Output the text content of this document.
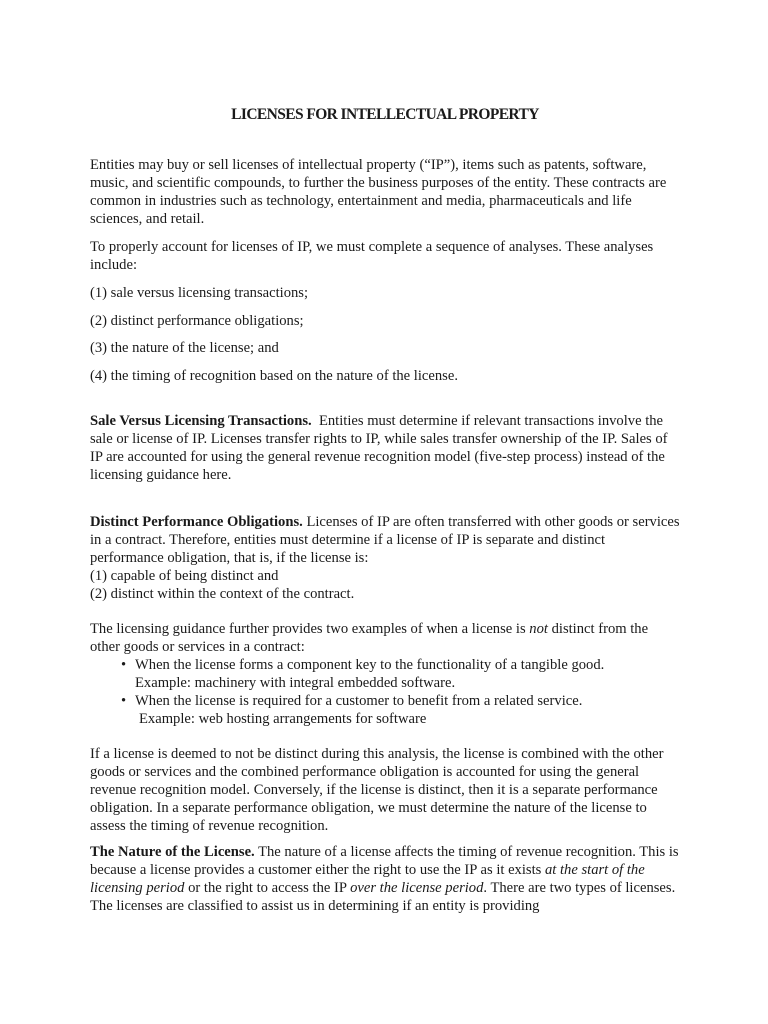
LICENSES FOR INTELLECTUAL PROPERTY

Entities may buy or sell licenses of intellectual property (“IP”), items such as patents, software, music, and scientific compounds, to further the business purposes of the entity. These contracts are common in industries such as technology, entertainment and media, pharmaceuticals and life sciences, and retail.

To properly account for licenses of IP, we must complete a sequence of analyses. These analyses include:

(1) sale versus licensing transactions;

(2) distinct performance obligations;

(3) the nature of the license; and

(4) the timing of recognition based on the nature of the license.

Sale Versus Licensing Transactions. Entities must determine if relevant transactions involve the sale or license of IP. Licenses transfer rights to IP, while sales transfer ownership of the IP. Sales of IP are accounted for using the general revenue recognition model (five-step process) instead of the licensing guidance here.

Distinct Performance Obligations. Licenses of IP are often transferred with other goods or services in a contract. Therefore, entities must determine if a license of IP is separate and distinct performance obligation, that is, if the license is:
(1) capable of being distinct and
(2) distinct within the context of the contract.

The licensing guidance further provides two examples of when a license is not distinct from the other goods or services in a contract:
• When the license forms a component key to the functionality of a tangible good.
Example: machinery with integral embedded software.
• When the license is required for a customer to benefit from a related service.
Example: web hosting arrangements for software

If a license is deemed to not be distinct during this analysis, the license is combined with the other goods or services and the combined performance obligation is accounted for using the general revenue recognition model. Conversely, if the license is distinct, then it is a separate performance obligation. In a separate performance obligation, we must determine the nature of the license to assess the timing of revenue recognition.

The Nature of the License. The nature of a license affects the timing of revenue recognition. This is because a license provides a customer either the right to use the IP as it exists at the start of the licensing period or the right to access the IP over the license period. There are two types of licenses. The licenses are classified to assist us in determining if an entity is providing
